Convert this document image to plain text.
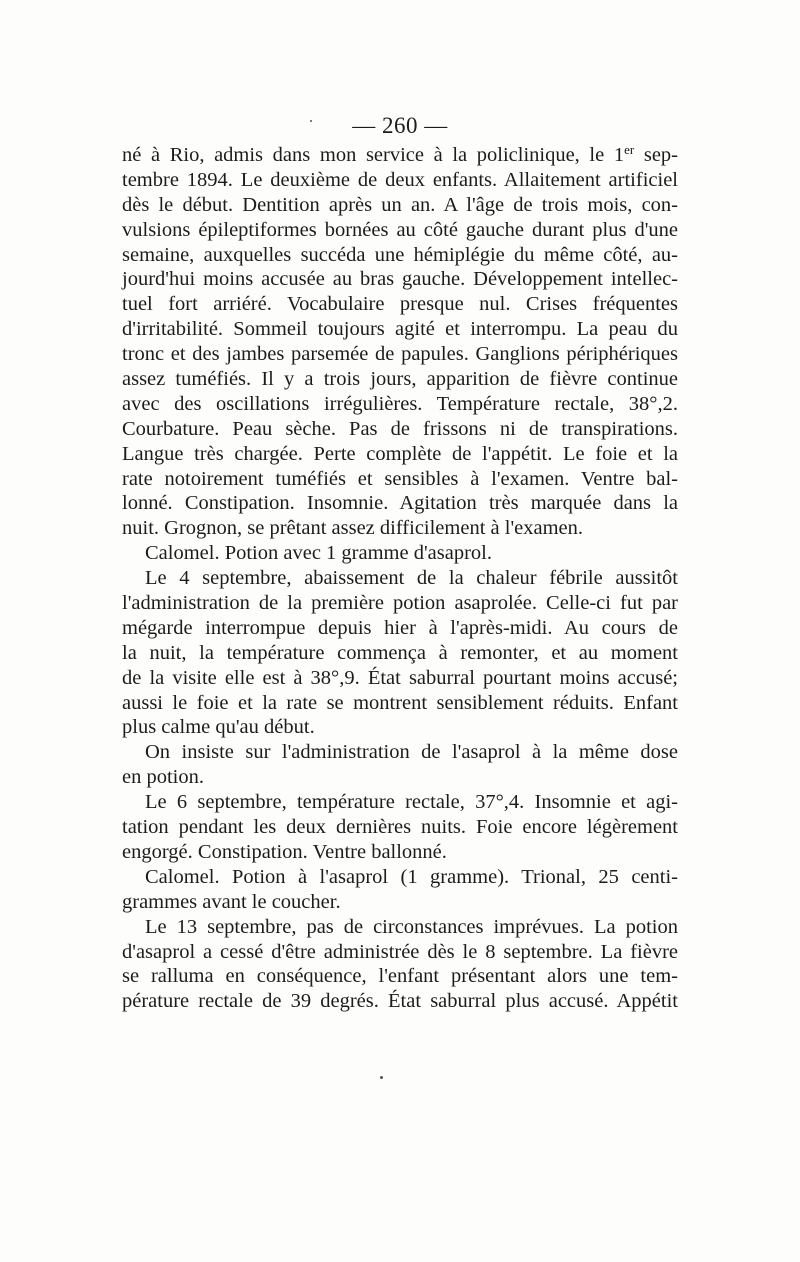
— 260 —
né à Rio, admis dans mon service à la policlinique, le 1er sep-
tembre 1894. Le deuxième de deux enfants. Allaitement artificiel
dès le début. Dentition après un an. A l'âge de trois mois, con-
vulsions épileptiformes bornées au côté gauche durant plus d'une
semaine, auxquelles succéda une hémiplégie du même côté, au-
jourd'hui moins accusée au bras gauche. Développement intellec-
tuel fort arriéré. Vocabulaire presque nul. Crises fréquentes
d'irritabilité. Sommeil toujours agité et interrompu. La peau du
tronc et des jambes parsemée de papules. Ganglions périphériques
assez tuméfiés. Il y a trois jours, apparition de fièvre continue
avec des oscillations irrégulières. Température rectale, 38°,2.
Courbature. Peau sèche. Pas de frissons ni de transpirations.
Langue très chargée. Perte complète de l'appétit. Le foie et la
rate notoirement tuméfiés et sensibles à l'examen. Ventre bal-
lonné. Constipation. Insomnie. Agitation très marquée dans la
nuit. Grognon, se prêtant assez difficilement à l'examen.
Calomel. Potion avec 1 gramme d'asaprol.
Le 4 septembre, abaissement de la chaleur fébrile aussitôt
l'administration de la première potion asaprolée. Celle-ci fut par
mégarde interrompue depuis hier à l'après-midi. Au cours de
la nuit, la température commença à remonter, et au moment
de la visite elle est à 38°,9. État saburral pourtant moins accusé;
aussi le foie et la rate se montrent sensiblement réduits. Enfant
plus calme qu'au début.
On insiste sur l'administration de l'asaprol à la même dose
en potion.
Le 6 septembre, température rectale, 37°,4. Insomnie et agi-
tation pendant les deux dernières nuits. Foie encore légèrement
engorgé. Constipation. Ventre ballonné.
Calomel. Potion à l'asaprol (1 gramme). Trional, 25 centi-
grammes avant le coucher.
Le 13 septembre, pas de circonstances imprévues. La potion
d'asaprol a cessé d'être administrée dès le 8 septembre. La fièvre
se ralluma en conséquence, l'enfant présentant alors une tem-
pérature rectale de 39 degrés. État saburral plus accusé. Appétit
